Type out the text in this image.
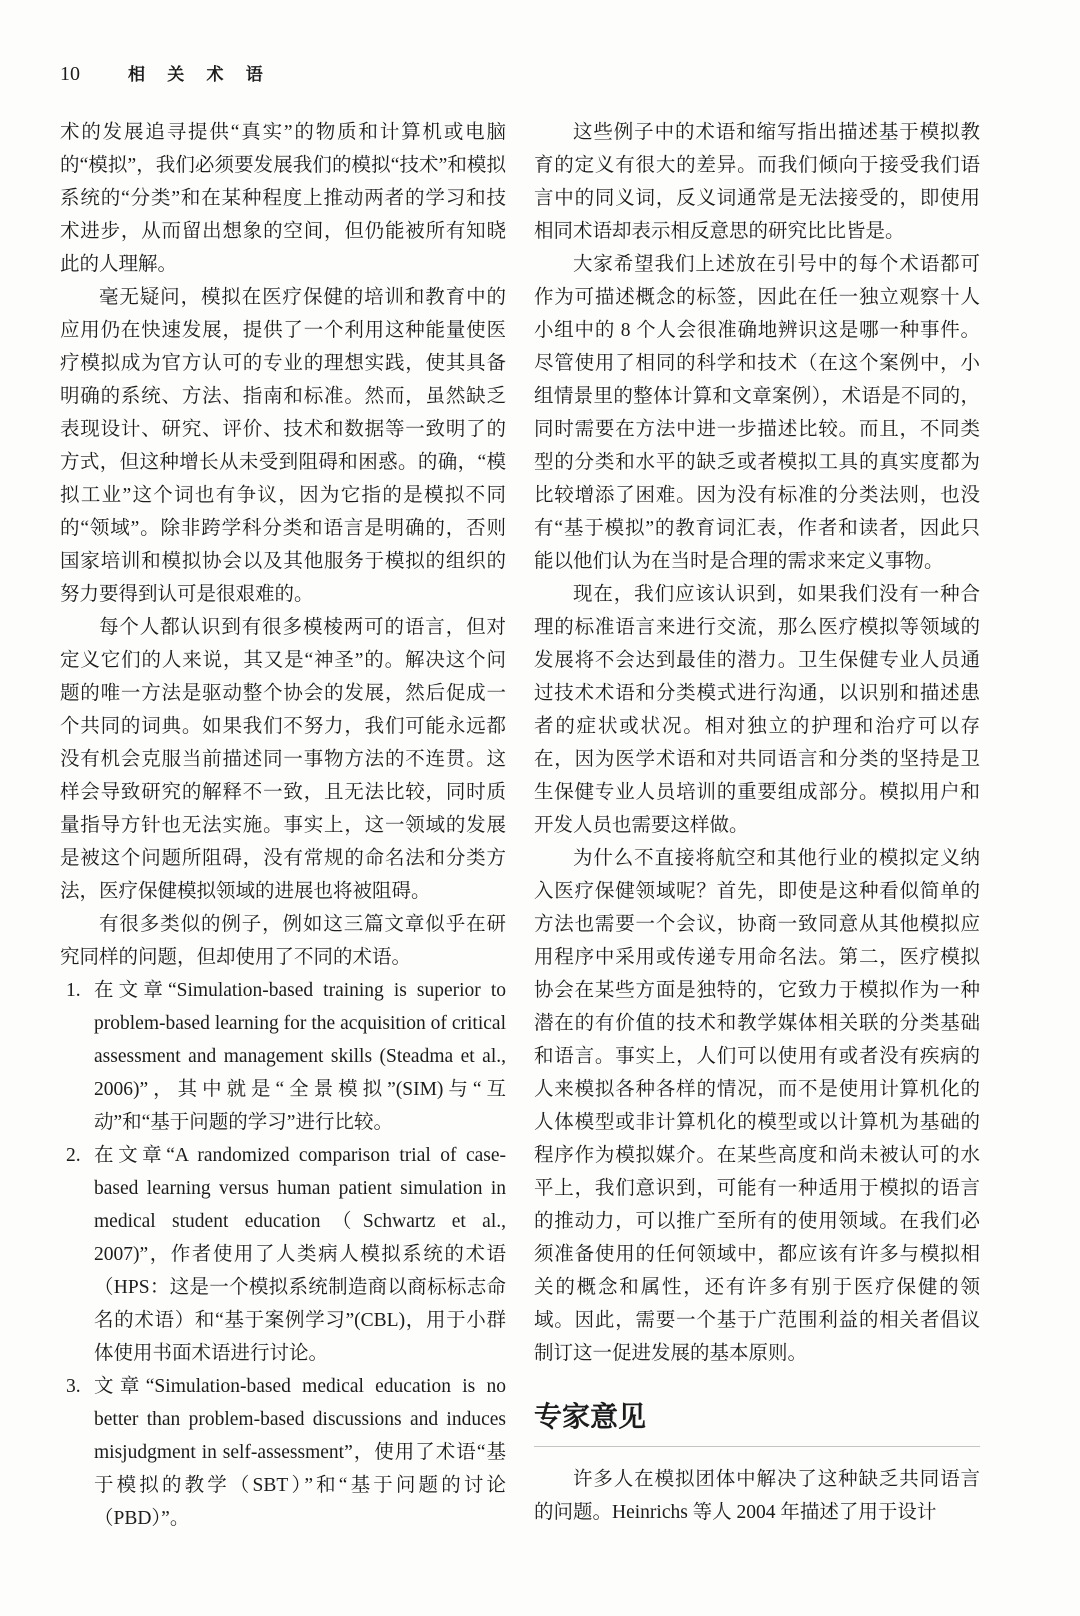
10	相 关 术 语

术的发展追寻提供“真实”的物质和计算机或电脑的“模拟”，我们必须要发展我们的模拟“技术”和模拟系统的“分类”和在某种程度上推动两者的学习和技术进步，从而留出想象的空间，但仍能被所有知晓此的人理解。

毫无疑问，模拟在医疗保健的培训和教育中的应用仍在快速发展，提供了一个利用这种能量使医疗模拟成为官方认可的专业的理想实践，使其具备明确的系统、方法、指南和标准。然而，虽然缺乏表现设计、研究、评价、技术和数据等一致明了的方式，但这种增长从未受到阻碍和困惑。的确，“模拟工业”这个词也有争议，因为它指的是模拟不同的“领域”。除非跨学科分类和语言是明确的，否则国家培训和模拟协会以及其他服务于模拟的组织的努力要得到认可是很艰难的。

每个人都认识到有很多模棱两可的语言，但对定义它们的人来说，其又是“神圣”的。解决这个问题的唯一方法是驱动整个协会的发展，然后促成一个共同的词典。如果我们不努力，我们可能永远都没有机会克服当前描述同一事物方法的不连贯。这样会导致研究的解释不一致，且无法比较，同时质量指导方针也无法实施。事实上，这一领域的发展是被这个问题所阻碍，没有常规的命名法和分类方法，医疗保健模拟领域的进展也将被阻碍。

有很多类似的例子，例如这三篇文章似乎在研究同样的问题，但却使用了不同的术语。

1. 在文章“Simulation-based training is superior to problem-based learning for the acquisition of critical assessment and management skills (Steadma et al., 2006)”，其中就是“全景模拟”(SIM)与“互动”和“基于问题的学习”进行比较。
2. 在文章“A randomized comparison trial of case-based learning versus human patient simulation in medical student education（Schwartz et al., 2007)”，作者使用了人类病人模拟系统的术语（HPS：这是一个模拟系统制造商以商标标志命名的术语）和“基于案例学习”(CBL)，用于小群体使用书面术语进行讨论。
3. 文章“Simulation-based medical education is no better than problem-based discussions and induces misjudgment in self-assessment”，使用了术语“基于模拟的教学（SBT）”和“基于问题的讨论（PBD）”。

这些例子中的术语和缩写指出描述基于模拟教育的定义有很大的差异。而我们倾向于接受我们语言中的同义词，反义词通常是无法接受的，即使用相同术语却表示相反意思的研究比比皆是。

大家希望我们上述放在引号中的每个术语都可作为可描述概念的标签，因此在任一独立观察十人小组中的 8 个人会很准确地辨识这是哪一种事件。尽管使用了相同的科学和技术（在这个案例中，小组情景里的整体计算和文章案例），术语是不同的，同时需要在方法中进一步描述比较。而且，不同类型的分类和水平的缺乏或者模拟工具的真实度都为比较增添了困难。因为没有标准的分类法则，也没有“基于模拟”的教育词汇表，作者和读者，因此只能以他们认为在当时是合理的需求来定义事物。

现在，我们应该认识到，如果我们没有一种合理的标准语言来进行交流，那么医疗模拟等领域的发展将不会达到最佳的潜力。卫生保健专业人员通过技术术语和分类模式进行沟通，以识别和描述患者的症状或状况。相对独立的护理和治疗可以存在，因为医学术语和对共同语言和分类的坚持是卫生保健专业人员培训的重要组成部分。模拟用户和开发人员也需要这样做。

为什么不直接将航空和其他行业的模拟定义纳入医疗保健领域呢？首先，即使是这种看似简单的方法也需要一个会议，协商一致同意从其他模拟应用程序中采用或传递专用命名法。第二，医疗模拟协会在某些方面是独特的，它致力于模拟作为一种潜在的有价值的技术和教学媒体相关联的分类基础和语言。事实上，人们可以使用有或者没有疾病的人来模拟各种各样的情况，而不是使用计算机化的人体模型或非计算机化的模型或以计算机为基础的程序作为模拟媒介。在某些高度和尚未被认可的水平上，我们意识到，可能有一种适用于模拟的语言的推动力，可以推广至所有的使用领域。在我们必须准备使用的任何领域中，都应该有许多与模拟相关的概念和属性，还有许多有别于医疗保健的领域。因此，需要一个基于广范围利益的相关者倡议制订这一促进发展的基本原则。

专家意见

许多人在模拟团体中解决了这种缺乏共同语言的问题。Heinrichs 等人 2004 年描述了用于设计
